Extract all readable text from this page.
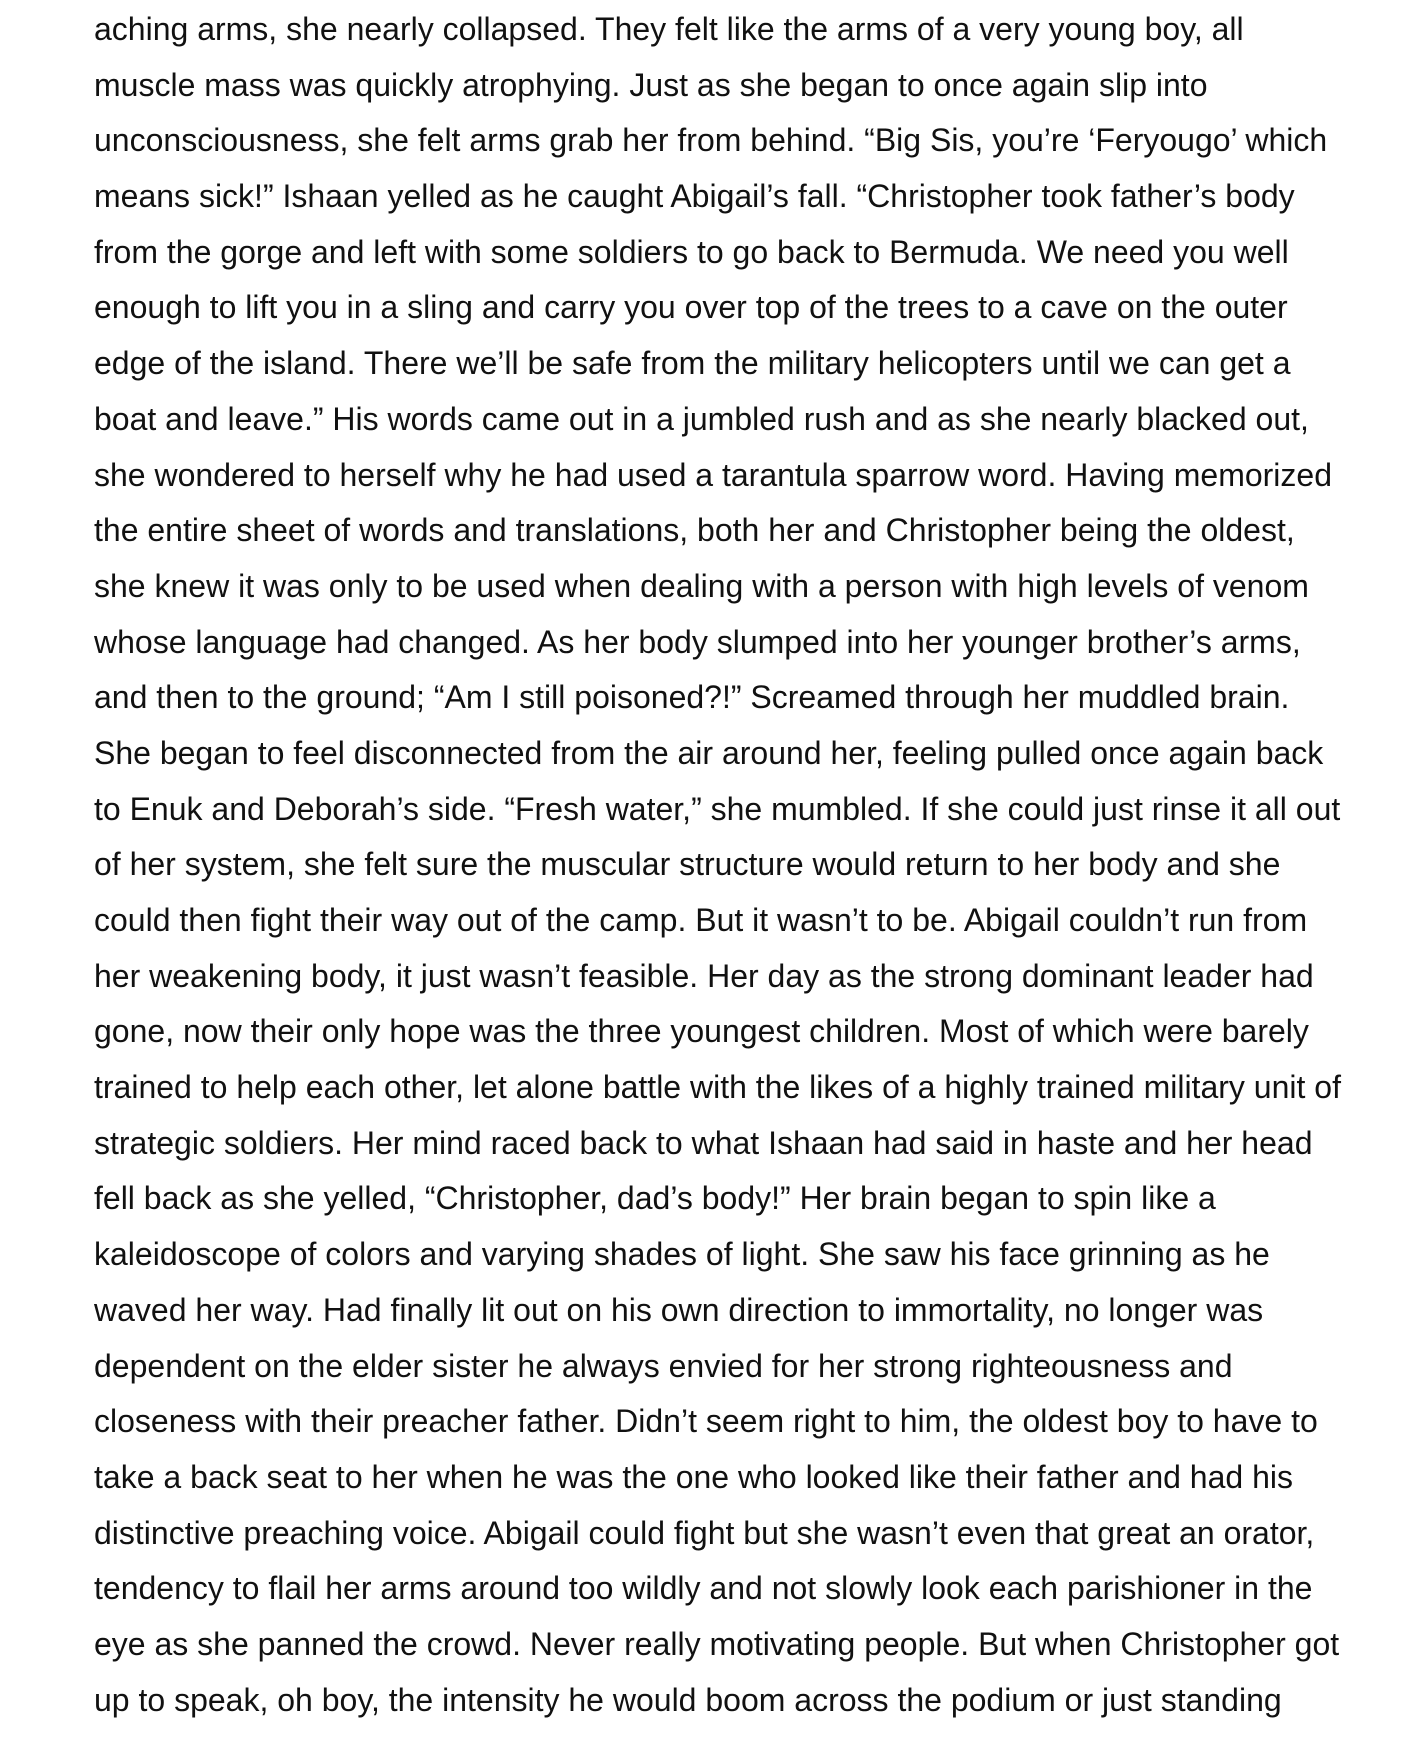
aching arms, she nearly collapsed. They felt like the arms of a very young boy, all
muscle mass was quickly atrophying. Just as she began to once again slip into
unconsciousness, she felt arms grab her from behind. “Big Sis, you’re ‘Feryougo’ which
means sick!” Ishaan yelled as he caught Abigail’s fall. “Christopher took father’s body
from the gorge and left with some soldiers to go back to Bermuda. We need you well
enough to lift you in a sling and carry you over top of the trees to a cave on the outer
edge of the island. There we’ll be safe from the military helicopters until we can get a
boat and leave.” His words came out in a jumbled rush and as she nearly blacked out,
she wondered to herself why he had used a tarantula sparrow word. Having memorized
the entire sheet of words and translations, both her and Christopher being the oldest,
she knew it was only to be used when dealing with a person with high levels of venom
whose language had changed. As her body slumped into her younger brother’s arms,
and then to the ground; “Am I still poisoned?!” Screamed through her muddled brain.
She began to feel disconnected from the air around her, feeling pulled once again back
to Enuk and Deborah’s side. “Fresh water,” she mumbled. If she could just rinse it all out
of her system, she felt sure the muscular structure would return to her body and she
could then fight their way out of the camp. But it wasn’t to be. Abigail couldn’t run from
her weakening body, it just wasn’t feasible. Her day as the strong dominant leader had
gone, now their only hope was the three youngest children. Most of which were barely
trained to help each other, let alone battle with the likes of a highly trained military unit of
strategic soldiers. Her mind raced back to what Ishaan had said in haste and her head
fell back as she yelled, “Christopher, dad’s body!” Her brain began to spin like a
kaleidoscope of colors and varying shades of light. She saw his face grinning as he
waved her way. Had finally lit out on his own direction to immortality, no longer was
dependent on the elder sister he always envied for her strong righteousness and
closeness with their preacher father. Didn’t seem right to him, the oldest boy to have to
take a back seat to her when he was the one who looked like their father and had his
distinctive preaching voice. Abigail could fight but she wasn’t even that great an orator,
tendency to flail her arms around too wildly and not slowly look each parishioner in the
eye as she panned the crowd. Never really motivating people. But when Christopher got
up to speak, oh boy, the intensity he would boom across the podium or just standing
